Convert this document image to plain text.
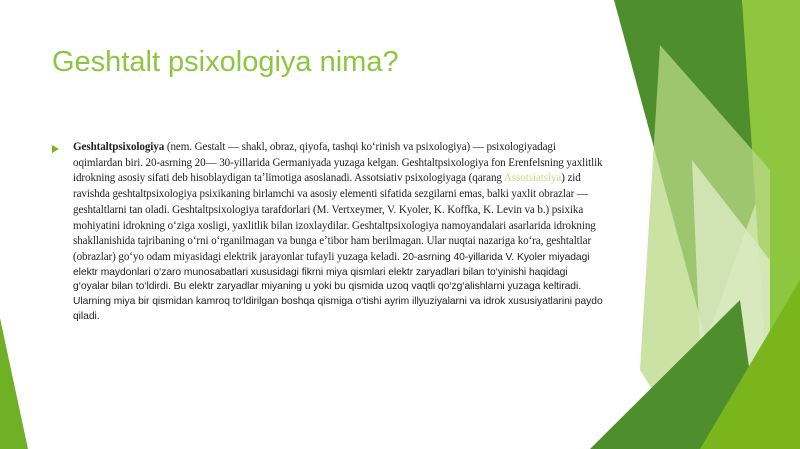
Geshtalt psixologiya nima?

Geshtaltpsixologiya (nem. Gestalt — shakl, obraz, qiyofa, tashqi koʻrinish va psixologiya) — psixologiyadagi oqimlardan biri. 20-asrning 20— 30-yillarida Germaniyada yuzaga kelgan. Geshtaltpsixologiya fon Erenfelsning yaxlitlik idrokning asosiy sifati deb hisoblaydigan taʼlimotiga asoslanadi. Assotsiativ psixologiyaga (qarang Assotsiatsiya) zid ravishda geshtaltpsixologiya psixikaning birlamchi va asosiy elementi sifatida sezgilarni emas, balki yaxlit obrazlar — geshtaltlarni tan oladi. Geshtaltpsixologiya tarafdorlari (M. Vertxeymer, V. Kyoler, K. Koffka, K. Levin va b.) psixika mohiyatini idrokning oʻziga xosligi, yaxlitlik bilan izoxlaydilar. Geshtaltpsixologiya namoyandalari asarlarida idrokning shakllanishida tajribaning oʻrni oʻrganilmagan va bunga eʼtibor ham berilmagan. Ular nuqtai nazariga koʻra, geshtaltlar (obrazlar) goʻyo odam miyasidagi elektrik jarayonlar tufayli yuzaga keladi. 20-asrning 40-yillarida V. Kyoler miyadagi elektr maydonlari o‘zaro munosabatlari xususidagi fikrni miya qismlari elektr zaryadlari bilan to‘yinishi haqidagi g‘oyalar bilan to‘ldirdi. Bu elektr zaryadlar miyaning u yoki bu qismida uzoq vaqtli qo‘zg‘alishlarni yuzaga keltiradi. Ularning miya bir qismidan kamroq to‘ldirilgan boshqa qismiga o‘tishi ayrim illyuziyalarni va idrok xususiyatlarini paydo qiladi.
